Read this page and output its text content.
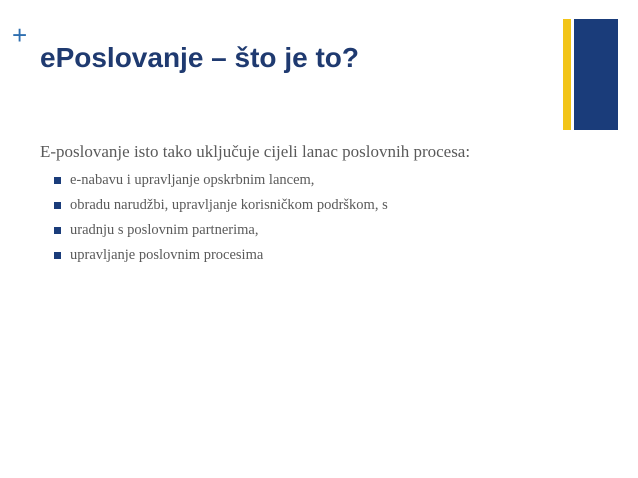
+
ePoslovanje – što je to?

E-poslovanje isto tako uključuje cijeli lanac poslovnih procesa:

e-nabavu i upravljanje opskrbnim lancem,
obradu narudžbi, upravljanje korisničkom podrškom, s
uradnju s poslovnim partnerima,
upravljanje poslovnim procesima
